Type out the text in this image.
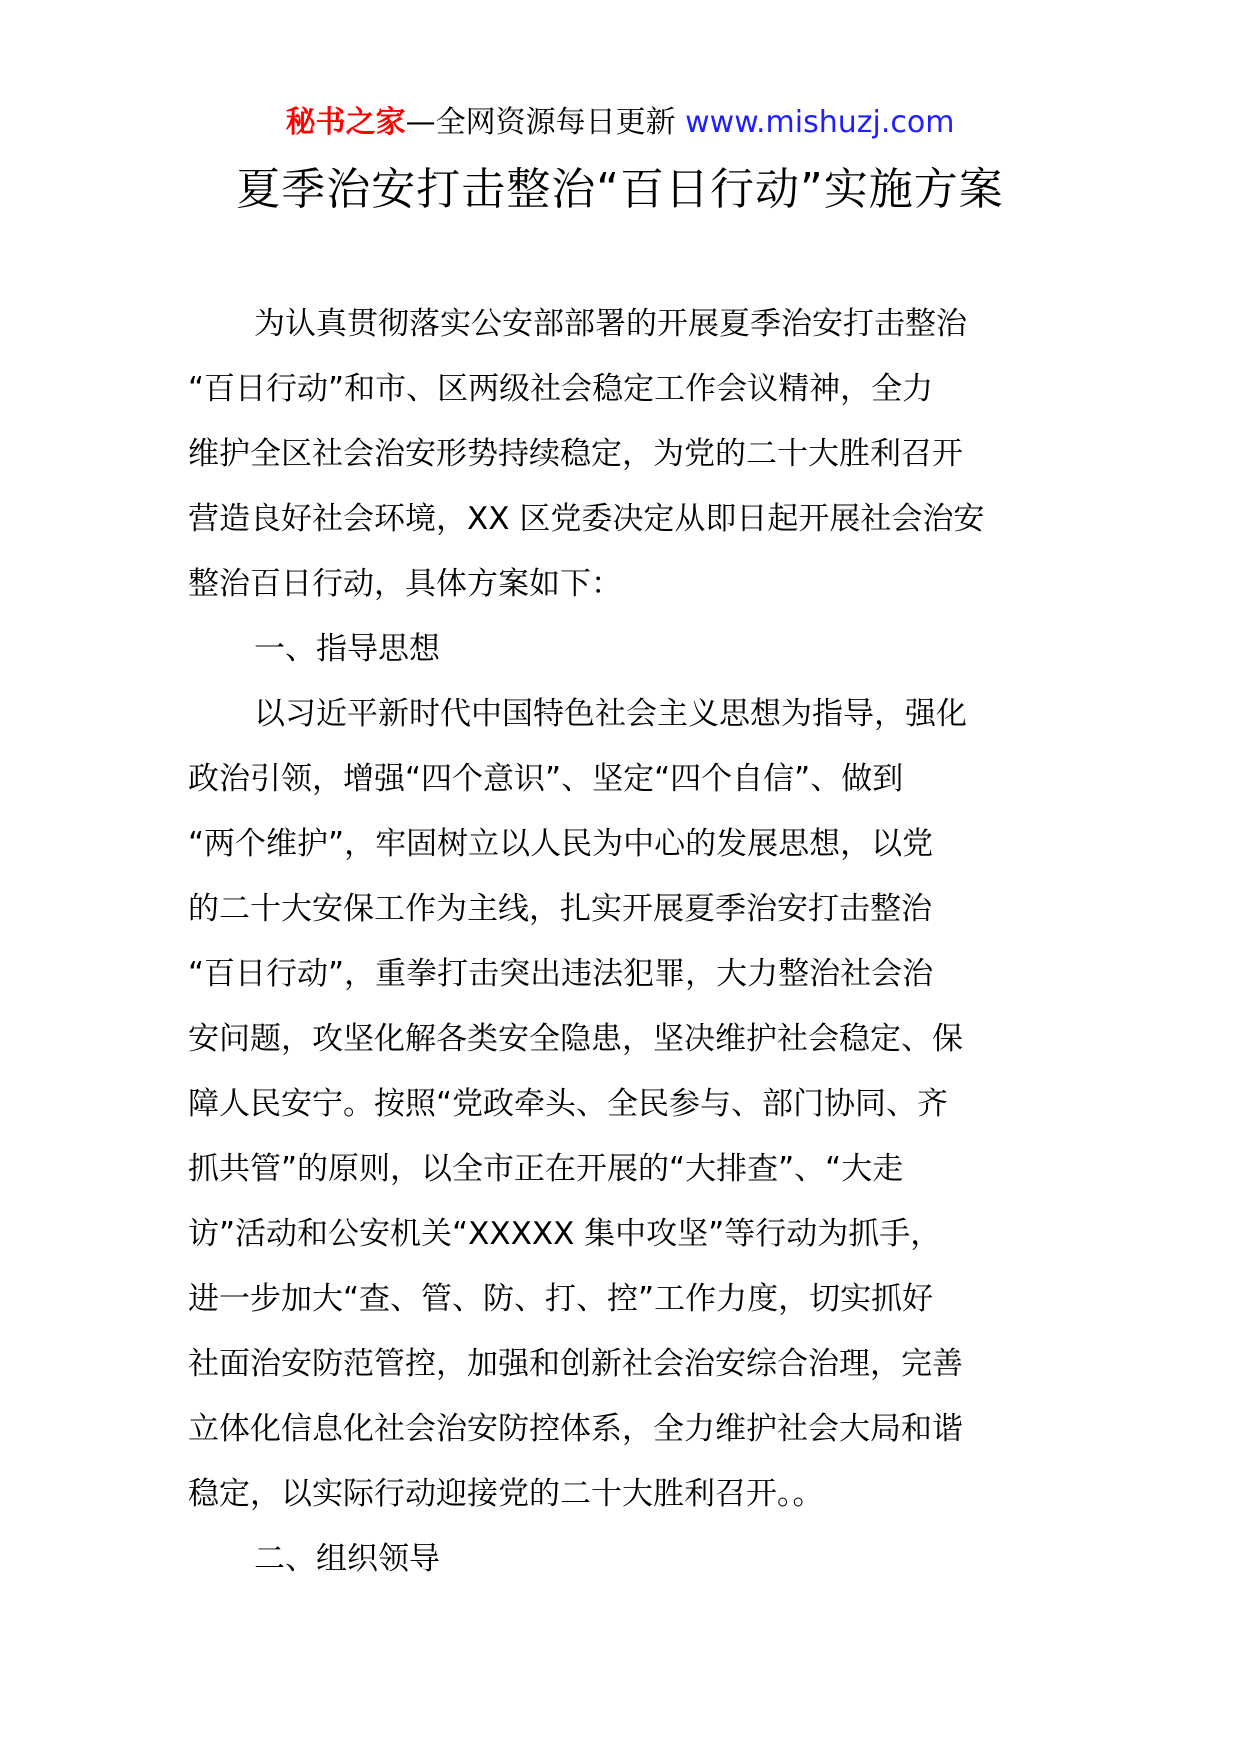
秘书之家—全网资源每日更新 www.mishuzj.com
夏季治安打击整治“百日行动”实施方案
为认真贯彻落实公安部部署的开展夏季治安打击整治
“百日行动”和市、区两级社会稳定工作会议精神，全力
维护全区社会治安形势持续稳定，为党的二十大胜利召开
营造良好社会环境，XX 区党委决定从即日起开展社会治安
整治百日行动，具体方案如下：
一、指导思想
以习近平新时代中国特色社会主义思想为指导，强化
政治引领，增强“四个意识”、坚定“四个自信”、做到
“两个维护”，牢固树立以人民为中心的发展思想，以党
的二十大安保工作为主线，扎实开展夏季治安打击整治
“百日行动”，重拳打击突出违法犯罪，大力整治社会治
安问题，攻坚化解各类安全隐患，坚决维护社会稳定、保
障人民安宁。按照“党政牵头、全民参与、部门协同、齐
抓共管”的原则，以全市正在开展的“大排查”、“大走
访”活动和公安机关“XXXXX 集中攻坚”等行动为抓手，
进一步加大“查、管、防、打、控”工作力度，切实抓好
社面治安防范管控，加强和创新社会治安综合治理，完善
立体化信息化社会治安防控体系，全力维护社会大局和谐
稳定，以实际行动迎接党的二十大胜利召开。。
二、组织领导
